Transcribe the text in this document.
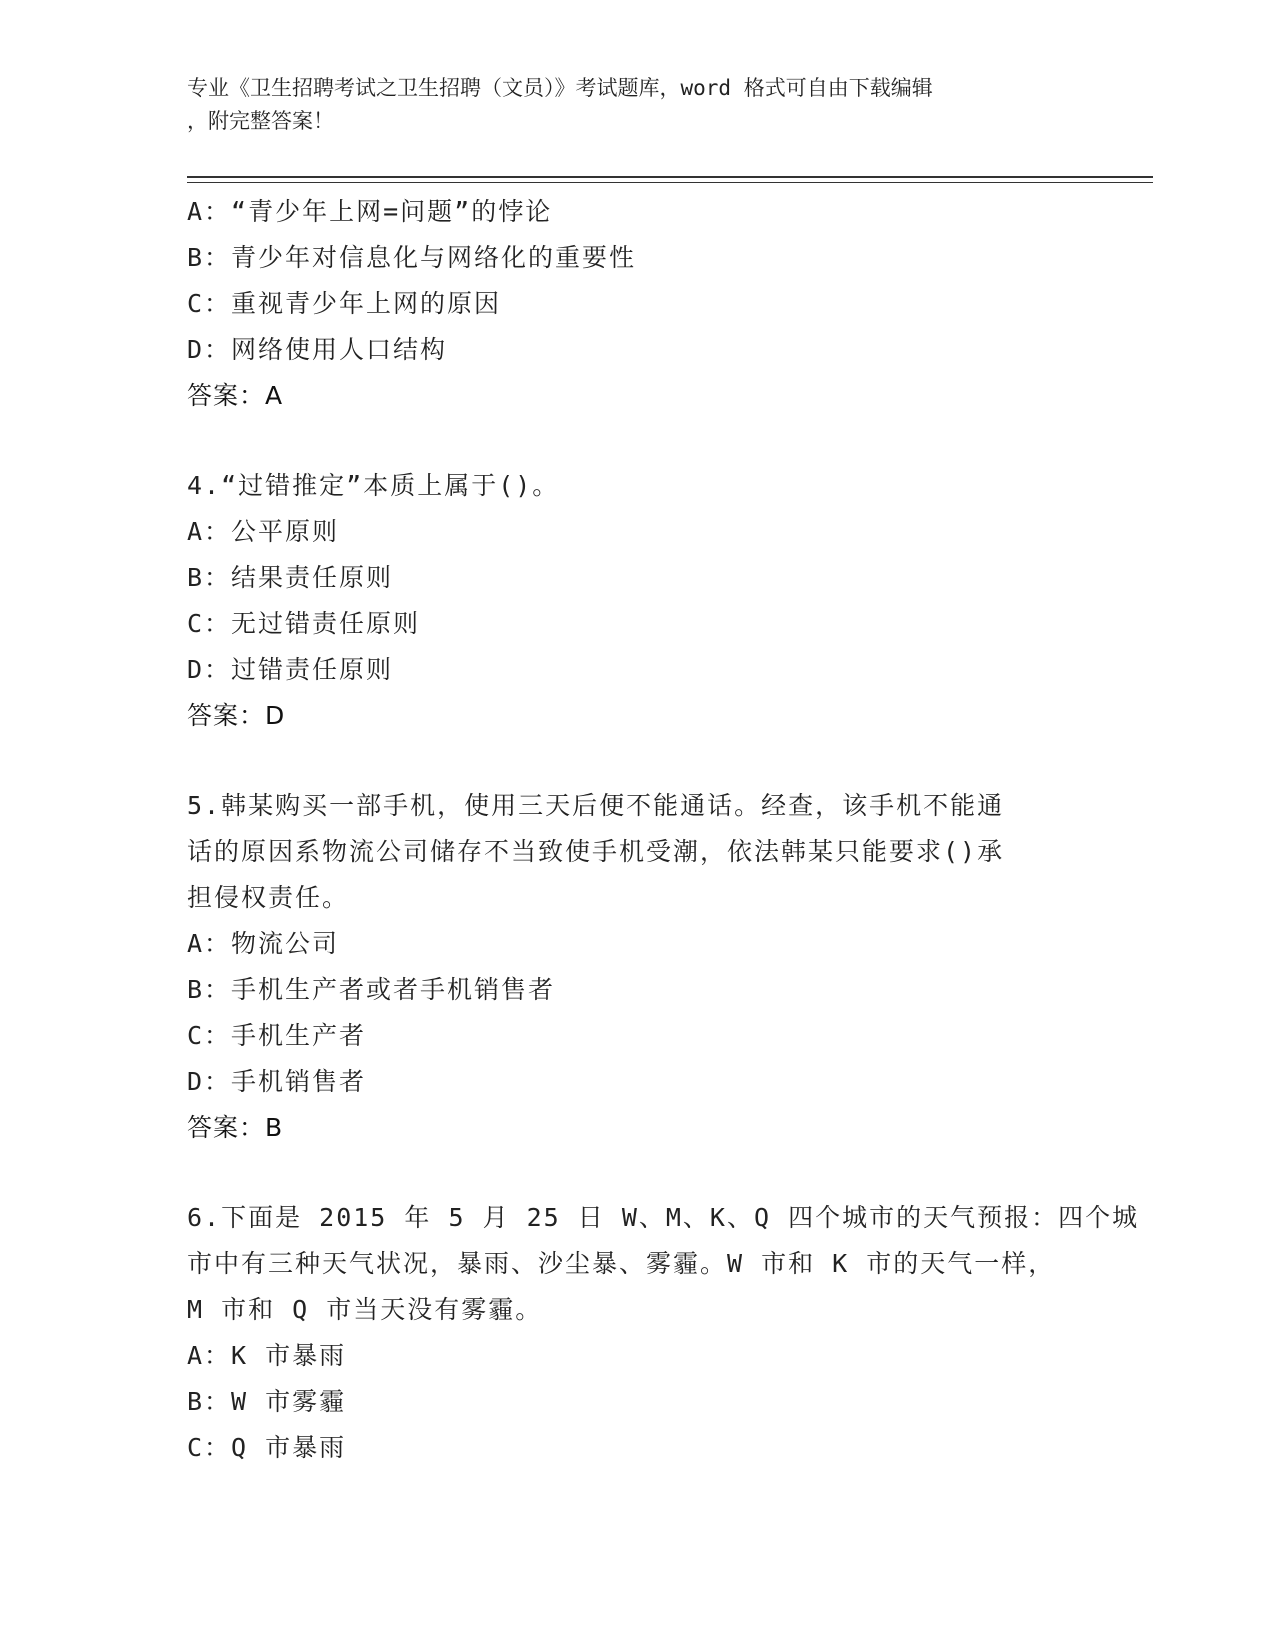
专业《卫生招聘考试之卫生招聘（文员）》考试题库，word 格式可自由下载编辑
，附完整答案！
A：“青少年上网=问题”的悖论
B：青少年对信息化与网络化的重要性
C：重视青少年上网的原因
D：网络使用人口结构
答案：A
4.“过错推定”本质上属于()。
A：公平原则
B：结果责任原则
C：无过错责任原则
D：过错责任原则
答案：D
5.韩某购买一部手机，使用三天后便不能通话。经查，该手机不能通
话的原因系物流公司储存不当致使手机受潮，依法韩某只能要求()承
担侵权责任。
A：物流公司
B：手机生产者或者手机销售者
C：手机生产者
D：手机销售者
答案：B
6.下面是 2015 年 5 月 25 日 W、M、K、Q 四个城市的天气预报：四个城
市中有三种天气状况，暴雨、沙尘暴、雾霾。W 市和 K 市的天气一样，
M 市和 Q 市当天没有雾霾。
A：K 市暴雨
B：W 市雾霾
C：Q 市暴雨
